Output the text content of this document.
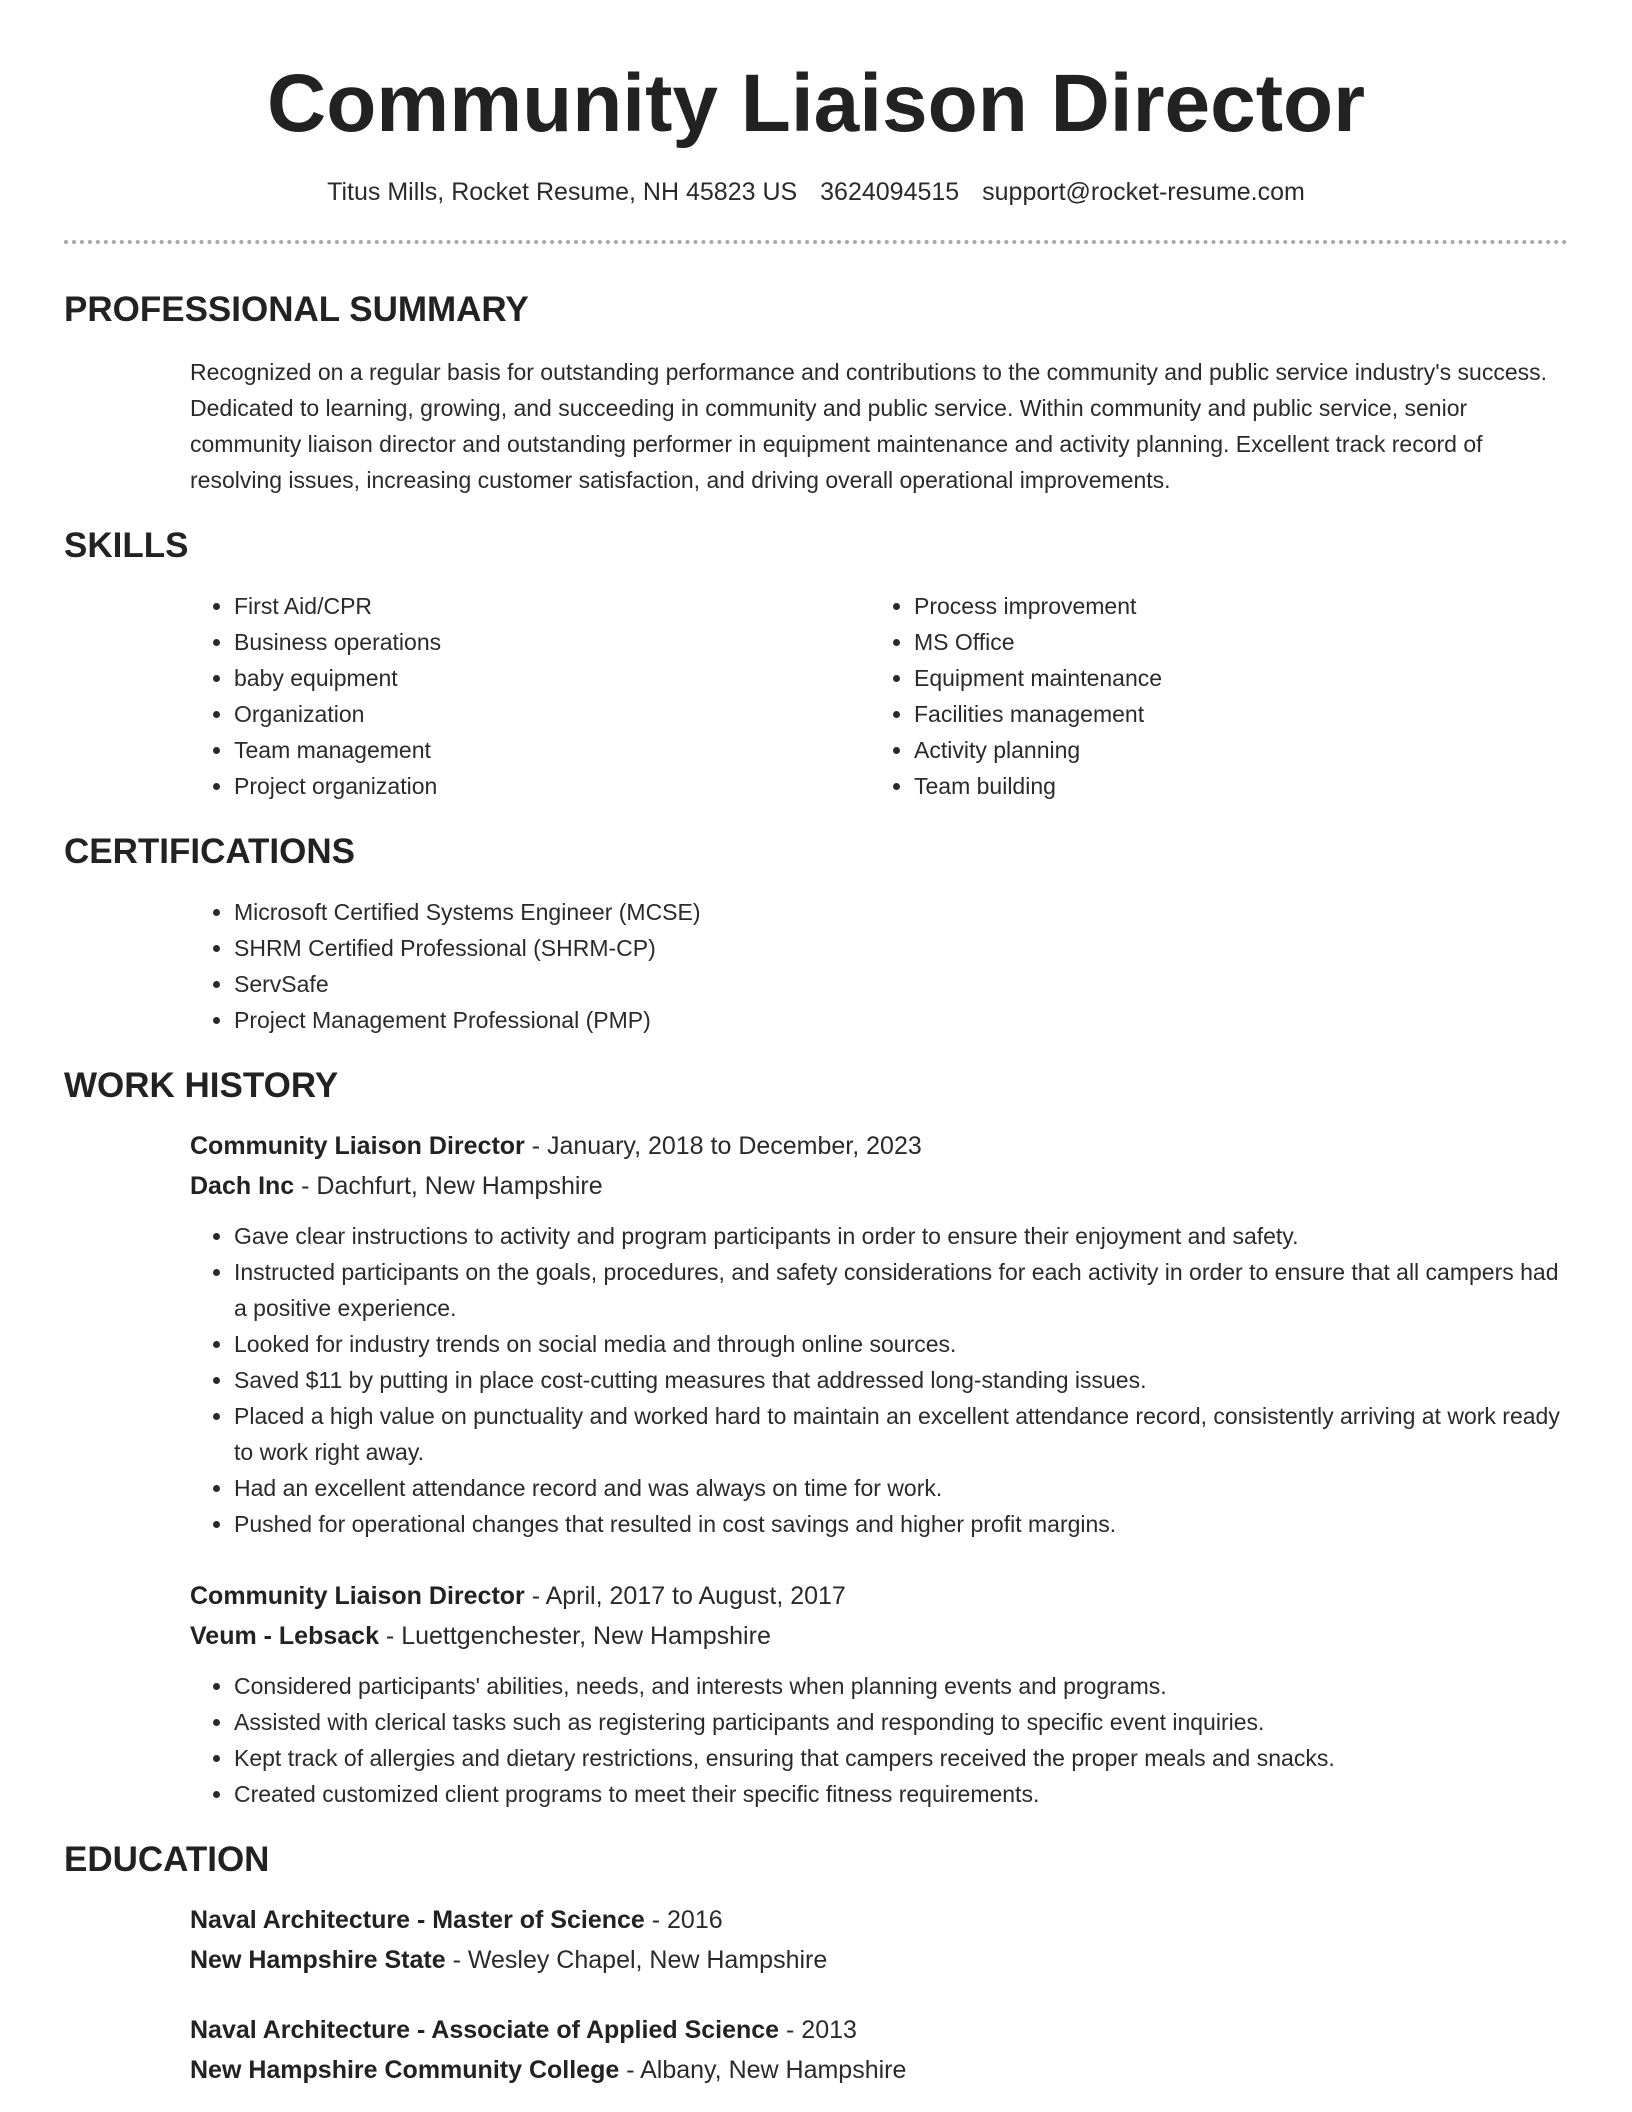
Community Liaison Director
Titus Mills, Rocket Resume, NH 45823 US 3624094515 support@rocket-resume.com
PROFESSIONAL SUMMARY

Recognized on a regular basis for outstanding performance and contributions to the community and public service industry's success. Dedicated to learning, growing, and succeeding in community and public service. Within community and public service, senior community liaison director and outstanding performer in equipment maintenance and activity planning. Excellent track record of resolving issues, increasing customer satisfaction, and driving overall operational improvements.

SKILLS
• First Aid/CPR
• Business operations
• baby equipment
• Organization
• Team management
• Project organization
• Process improvement
• MS Office
• Equipment maintenance
• Facilities management
• Activity planning
• Team building
CERTIFICATIONS
• Microsoft Certified Systems Engineer (MCSE)
• SHRM Certified Professional (SHRM-CP)
• ServSafe
• Project Management Professional (PMP)
WORK HISTORY
Community Liaison Director - January, 2018 to December, 2023
Dach Inc - Dachfurt, New Hampshire
• Gave clear instructions to activity and program participants in order to ensure their enjoyment and safety.
• Instructed participants on the goals, procedures, and safety considerations for each activity in order to ensure that all campers had a positive experience.
• Looked for industry trends on social media and through online sources.
• Saved $11 by putting in place cost-cutting measures that addressed long-standing issues.
• Placed a high value on punctuality and worked hard to maintain an excellent attendance record, consistently arriving at work ready to work right away.
• Had an excellent attendance record and was always on time for work.
• Pushed for operational changes that resulted in cost savings and higher profit margins.
Community Liaison Director - April, 2017 to August, 2017
Veum - Lebsack - Luettgenchester, New Hampshire
• Considered participants' abilities, needs, and interests when planning events and programs.
• Assisted with clerical tasks such as registering participants and responding to specific event inquiries.
• Kept track of allergies and dietary restrictions, ensuring that campers received the proper meals and snacks.
• Created customized client programs to meet their specific fitness requirements.
EDUCATION
Naval Architecture - Master of Science - 2016
New Hampshire State - Wesley Chapel, New Hampshire
Naval Architecture - Associate of Applied Science - 2013
New Hampshire Community College - Albany, New Hampshire
